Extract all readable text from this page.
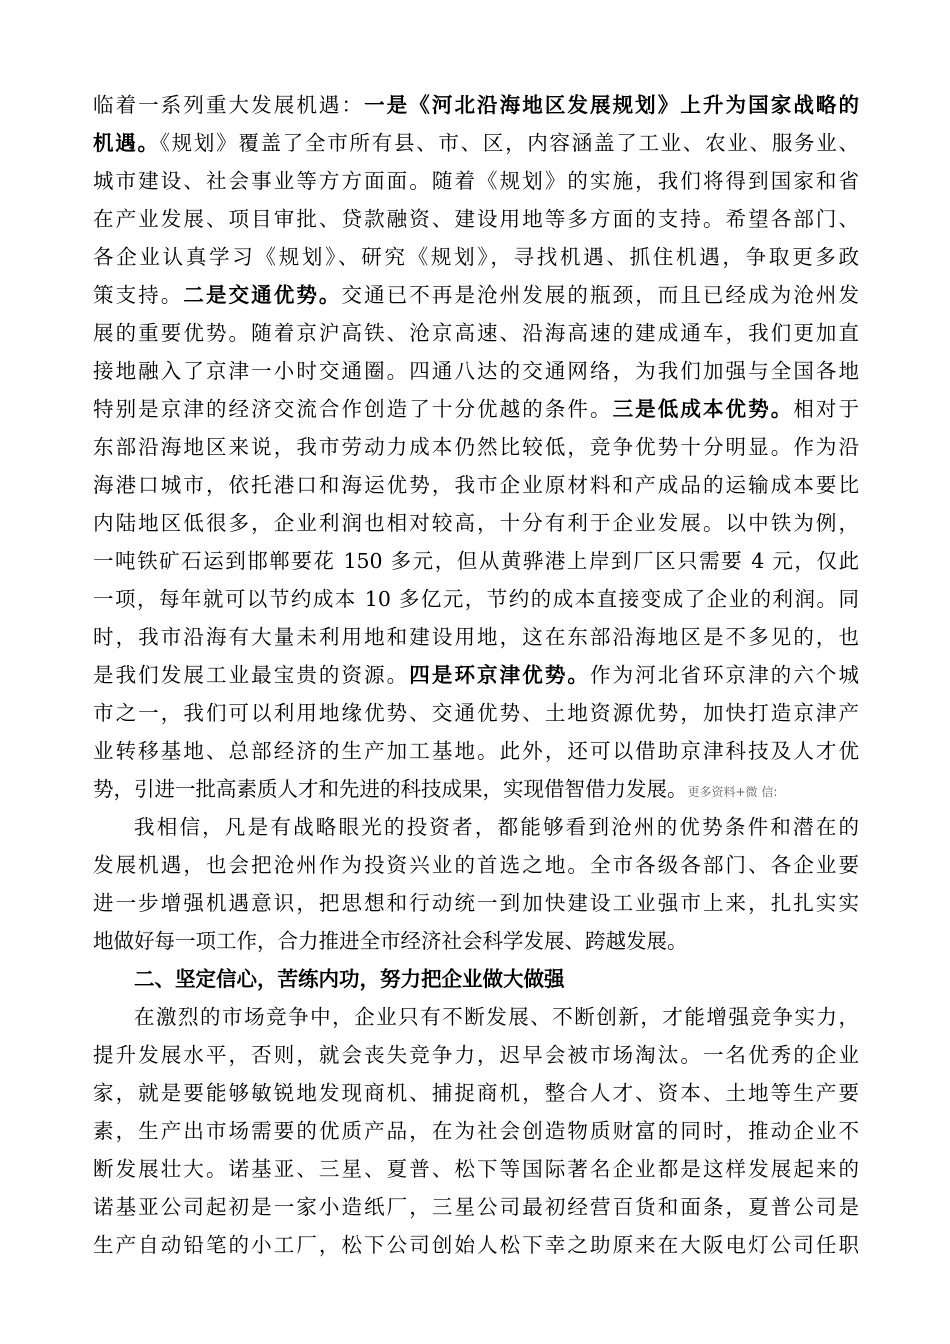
临着一系列重大发展机遇：一是《河北沿海地区发展规划》上升为国家战略的
机遇。《规划》覆盖了全市所有县、市、区，内容涵盖了工业、农业、服务业、
城市建设、社会事业等方方面面。随着《规划》的实施，我们将得到国家和省
在产业发展、项目审批、贷款融资、建设用地等多方面的支持。希望各部门、
各企业认真学习《规划》、研究《规划》，寻找机遇、抓住机遇，争取更多政
策支持。二是交通优势。交通已不再是沧州发展的瓶颈，而且已经成为沧州发
展的重要优势。随着京沪高铁、沧京高速、沿海高速的建成通车，我们更加直
接地融入了京津一小时交通圈。四通八达的交通网络，为我们加强与全国各地
特别是京津的经济交流合作创造了十分优越的条件。三是低成本优势。相对于
东部沿海地区来说，我市劳动力成本仍然比较低，竞争优势十分明显。作为沿
海港口城市，依托港口和海运优势，我市企业原材料和产成品的运输成本要比
内陆地区低很多，企业利润也相对较高，十分有利于企业发展。以中铁为例，
一吨铁矿石运到邯郸要花 150 多元，但从黄骅港上岸到厂区只需要 4 元，仅此
一项，每年就可以节约成本 10 多亿元，节约的成本直接变成了企业的利润。同
时，我市沿海有大量未利用地和建设用地，这在东部沿海地区是不多见的，也
是我们发展工业最宝贵的资源。四是环京津优势。作为河北省环京津的六个城
市之一，我们可以利用地缘优势、交通优势、土地资源优势，加快打造京津产
业转移基地、总部经济的生产加工基地。此外，还可以借助京津科技及人才优
势，引进一批高素质人才和先进的科技成果，实现借智借力发展。更多资料+微 信:
我相信，凡是有战略眼光的投资者，都能够看到沧州的优势条件和潜在的
发展机遇，也会把沧州作为投资兴业的首选之地。全市各级各部门、各企业要
进一步增强机遇意识，把思想和行动统一到加快建设工业强市上来，扎扎实实
地做好每一项工作，合力推进全市经济社会科学发展、跨越发展。
二、坚定信心，苦练内功，努力把企业做大做强
在激烈的市场竞争中，企业只有不断发展、不断创新，才能增强竞争实力，
提升发展水平，否则，就会丧失竞争力，迟早会被市场淘汰。一名优秀的企业
家，就是要能够敏锐地发现商机、捕捉商机，整合人才、资本、土地等生产要
素，生产出市场需要的优质产品，在为社会创造物质财富的同时，推动企业不
断发展壮大。诺基亚、三星、夏普、松下等国际著名企业都是这样发展起来的
诺基亚公司起初是一家小造纸厂，三星公司最初经营百货和面条，夏普公司是
生产自动铅笔的小工厂，松下公司创始人松下幸之助原来在大阪电灯公司任职
